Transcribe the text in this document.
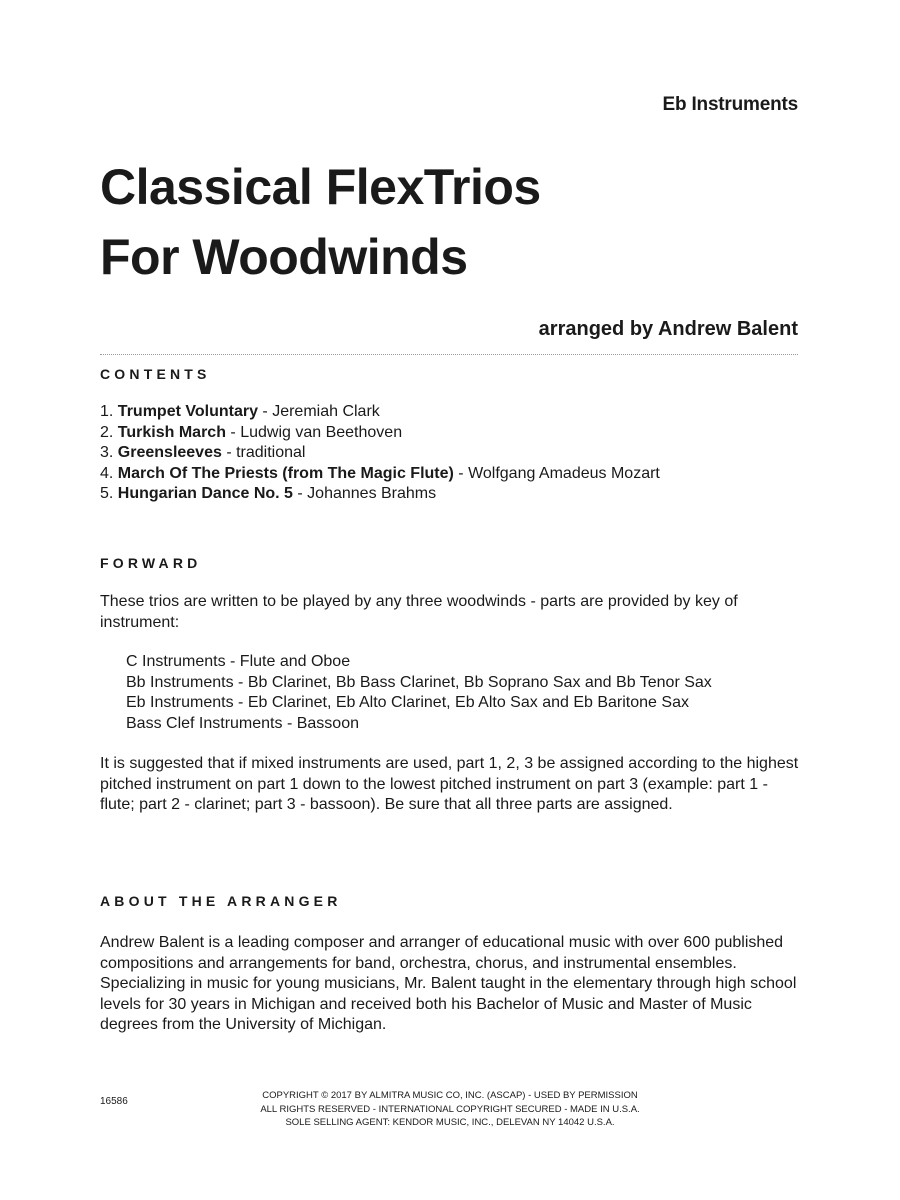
Eb Instruments
Classical FlexTrios
For Woodwinds
arranged by Andrew Balent
CONTENTS
1. Trumpet Voluntary - Jeremiah Clark
2. Turkish March - Ludwig van Beethoven
3. Greensleeves - traditional
4. March Of The Priests (from The Magic Flute) - Wolfgang Amadeus Mozart
5. Hungarian Dance No. 5 - Johannes Brahms
FORWARD

These trios are written to be played by any three woodwinds - parts are provided by key of instrument:

C Instruments - Flute and Oboe
Bb Instruments - Bb Clarinet, Bb Bass Clarinet, Bb Soprano Sax and Bb Tenor Sax
Eb Instruments - Eb Clarinet, Eb Alto Clarinet, Eb Alto Sax and Eb Baritone Sax
Bass Clef Instruments - Bassoon

It is suggested that if mixed instruments are used, part 1, 2, 3 be assigned according to the highest pitched instrument on part 1 down to the lowest pitched instrument on part 3 (example: part 1 - flute; part 2 - clarinet; part 3 - bassoon). Be sure that all three parts are assigned.

ABOUT THE ARRANGER

Andrew Balent is a leading composer and arranger of educational music with over 600 published compositions and arrangements for band, orchestra, chorus, and instrumental ensembles. Specializing in music for young musicians, Mr. Balent taught in the elementary through high school levels for 30 years in Michigan and received both his Bachelor of Music and Master of Music degrees from the University of Michigan.

16586
COPYRIGHT © 2017 BY ALMITRA MUSIC CO, INC. (ASCAP) - USED BY PERMISSION
ALL RIGHTS RESERVED - INTERNATIONAL COPYRIGHT SECURED - MADE IN U.S.A.
SOLE SELLING AGENT: KENDOR MUSIC, INC., DELEVAN NY 14042 U.S.A.
